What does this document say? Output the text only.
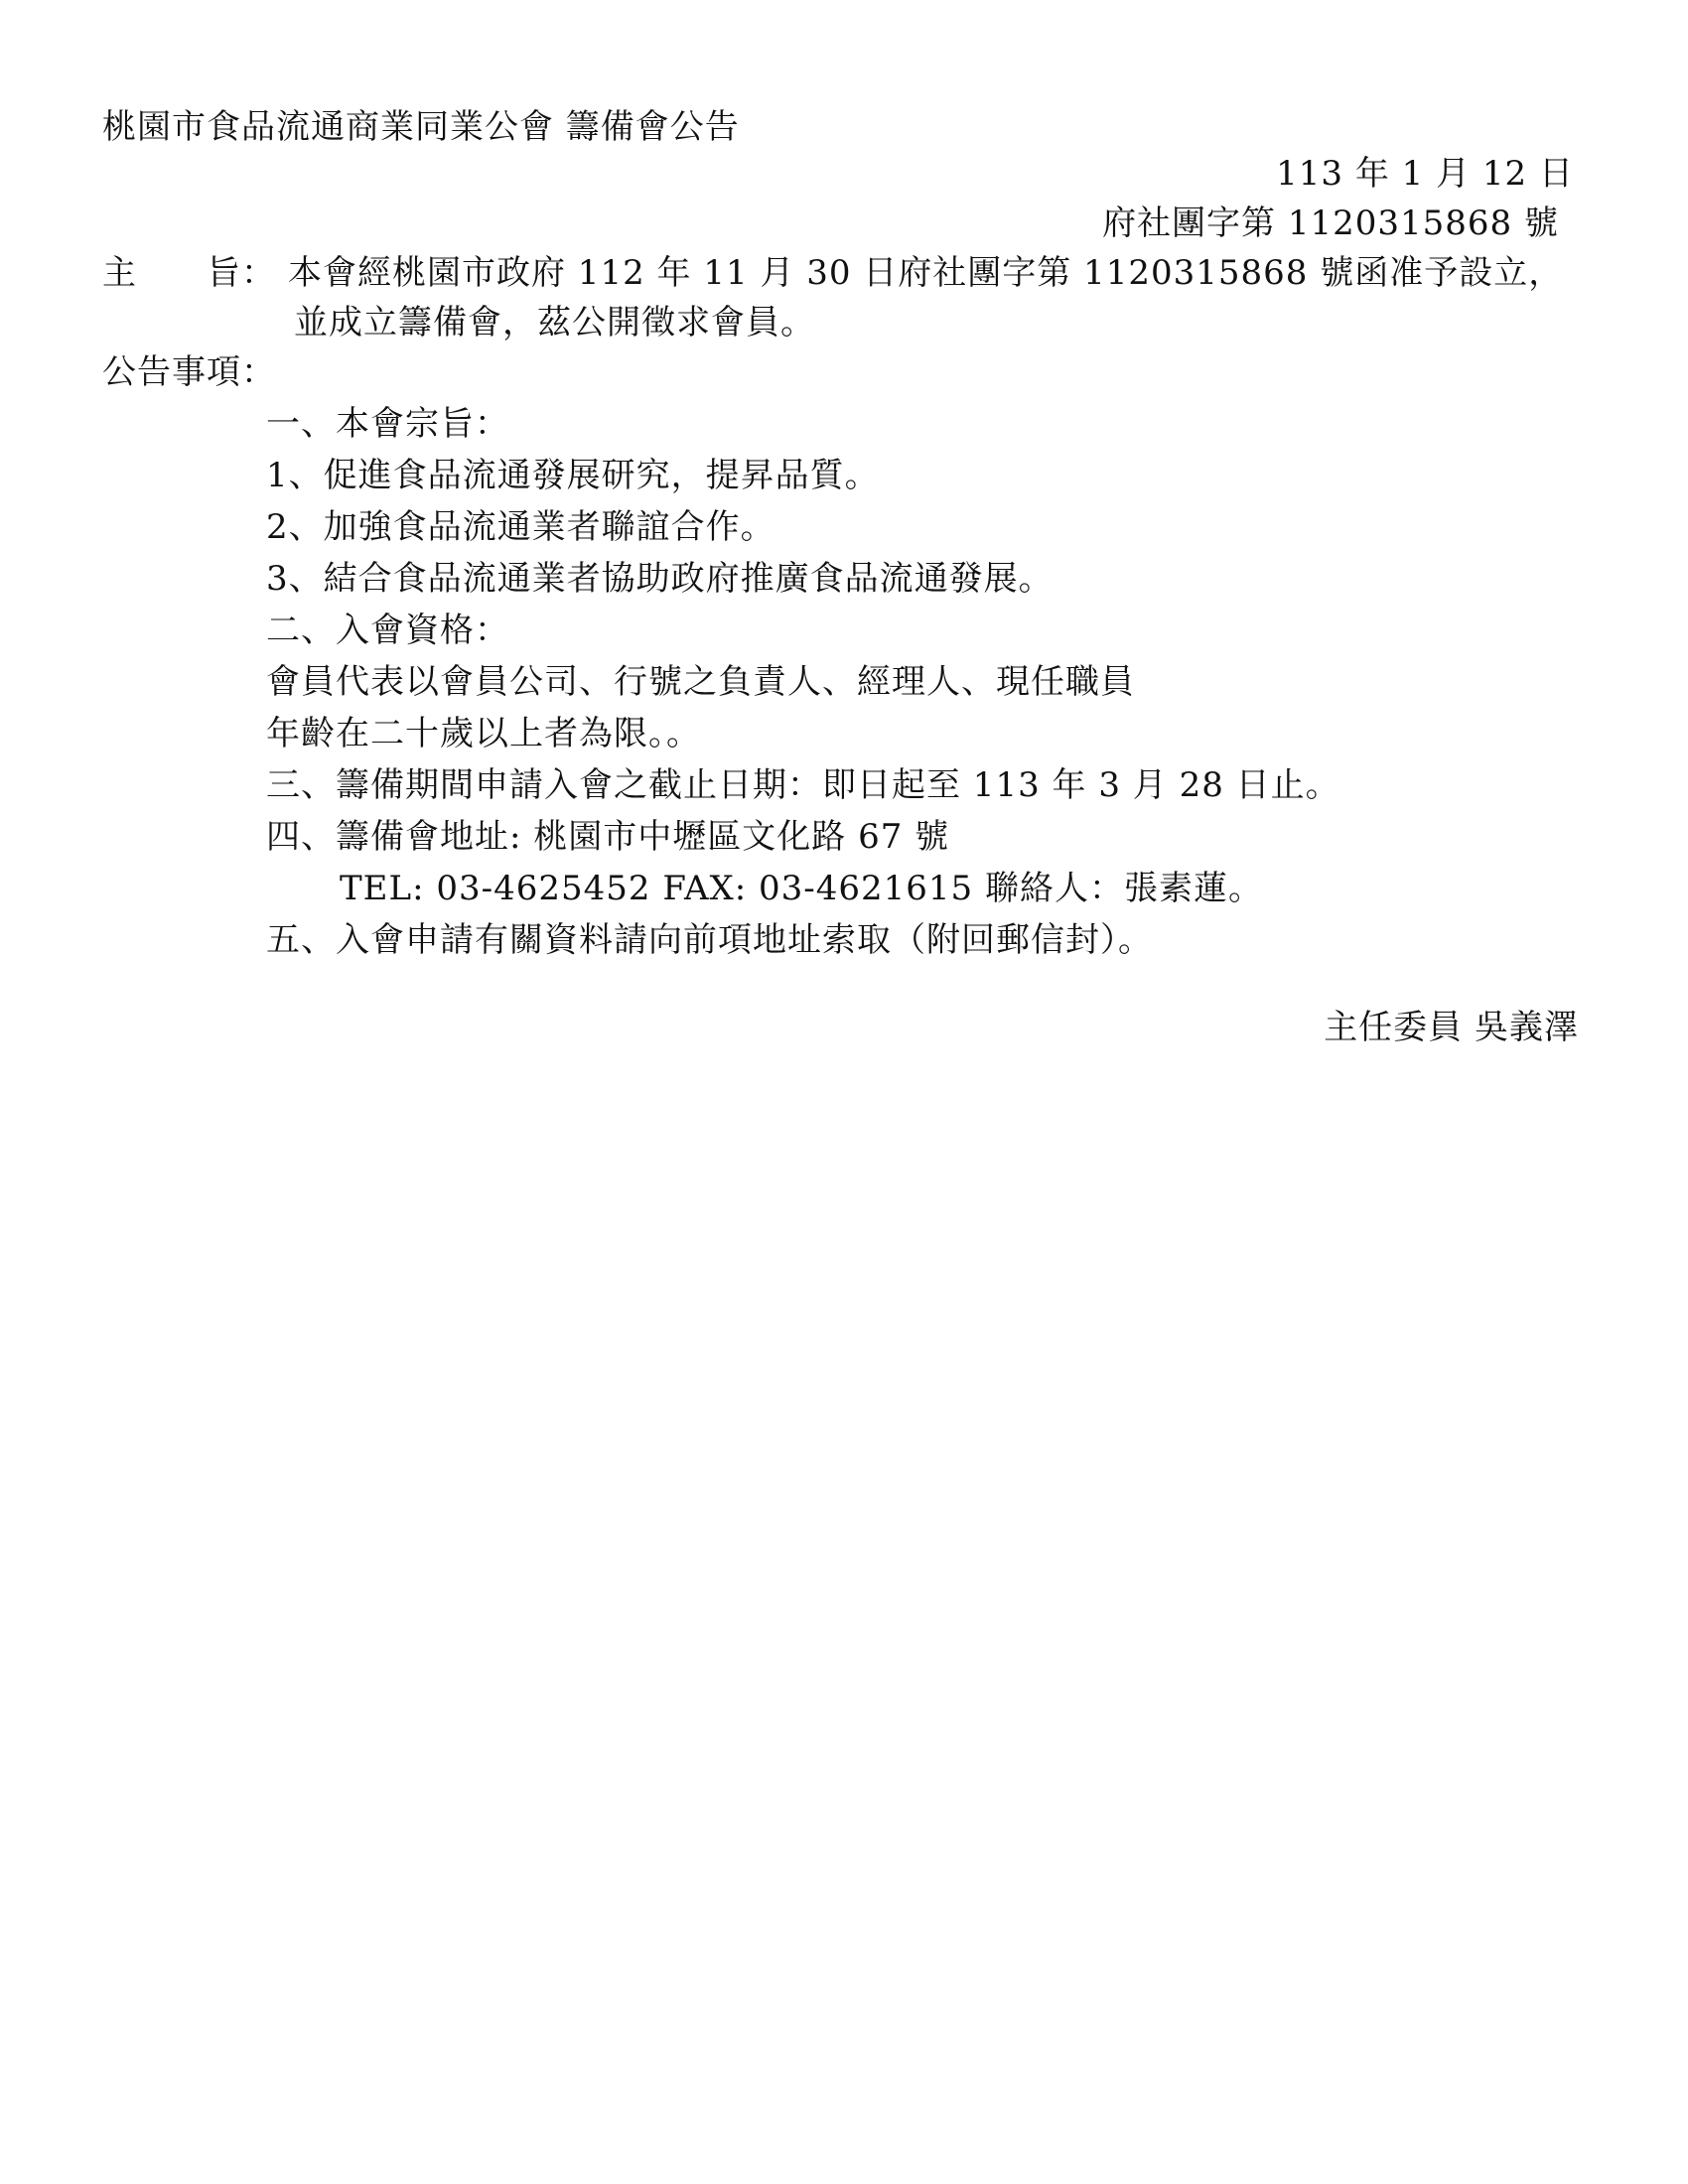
桃園市食品流通商業同業公會 籌備會公告
113 年 1 月 12 日
府社團字第 1120315868 號
主　　旨： 本會經桃園市政府 112 年 11 月 30 日府社團字第 1120315868 號函准予設立，
並成立籌備會，茲公開徵求會員。
公告事項：
一、本會宗旨：
1、促進食品流通發展研究，提昇品質。
2、加強食品流通業者聯誼合作。
3、結合食品流通業者協助政府推廣食品流通發展。
二、入會資格：
會員代表以會員公司、行號之負責人、經理人、現任職員
年齡在二十歲以上者為限。。
三、籌備期間申請入會之截止日期：即日起至 113 年 3 月 28 日止。
四、籌備會地址: 桃園市中壢區文化路 67 號
TEL: 03-4625452 FAX: 03-4621615 聯絡人：張素蓮。
五、入會申請有關資料請向前項地址索取（附回郵信封）。
主任委員 吳義澤
